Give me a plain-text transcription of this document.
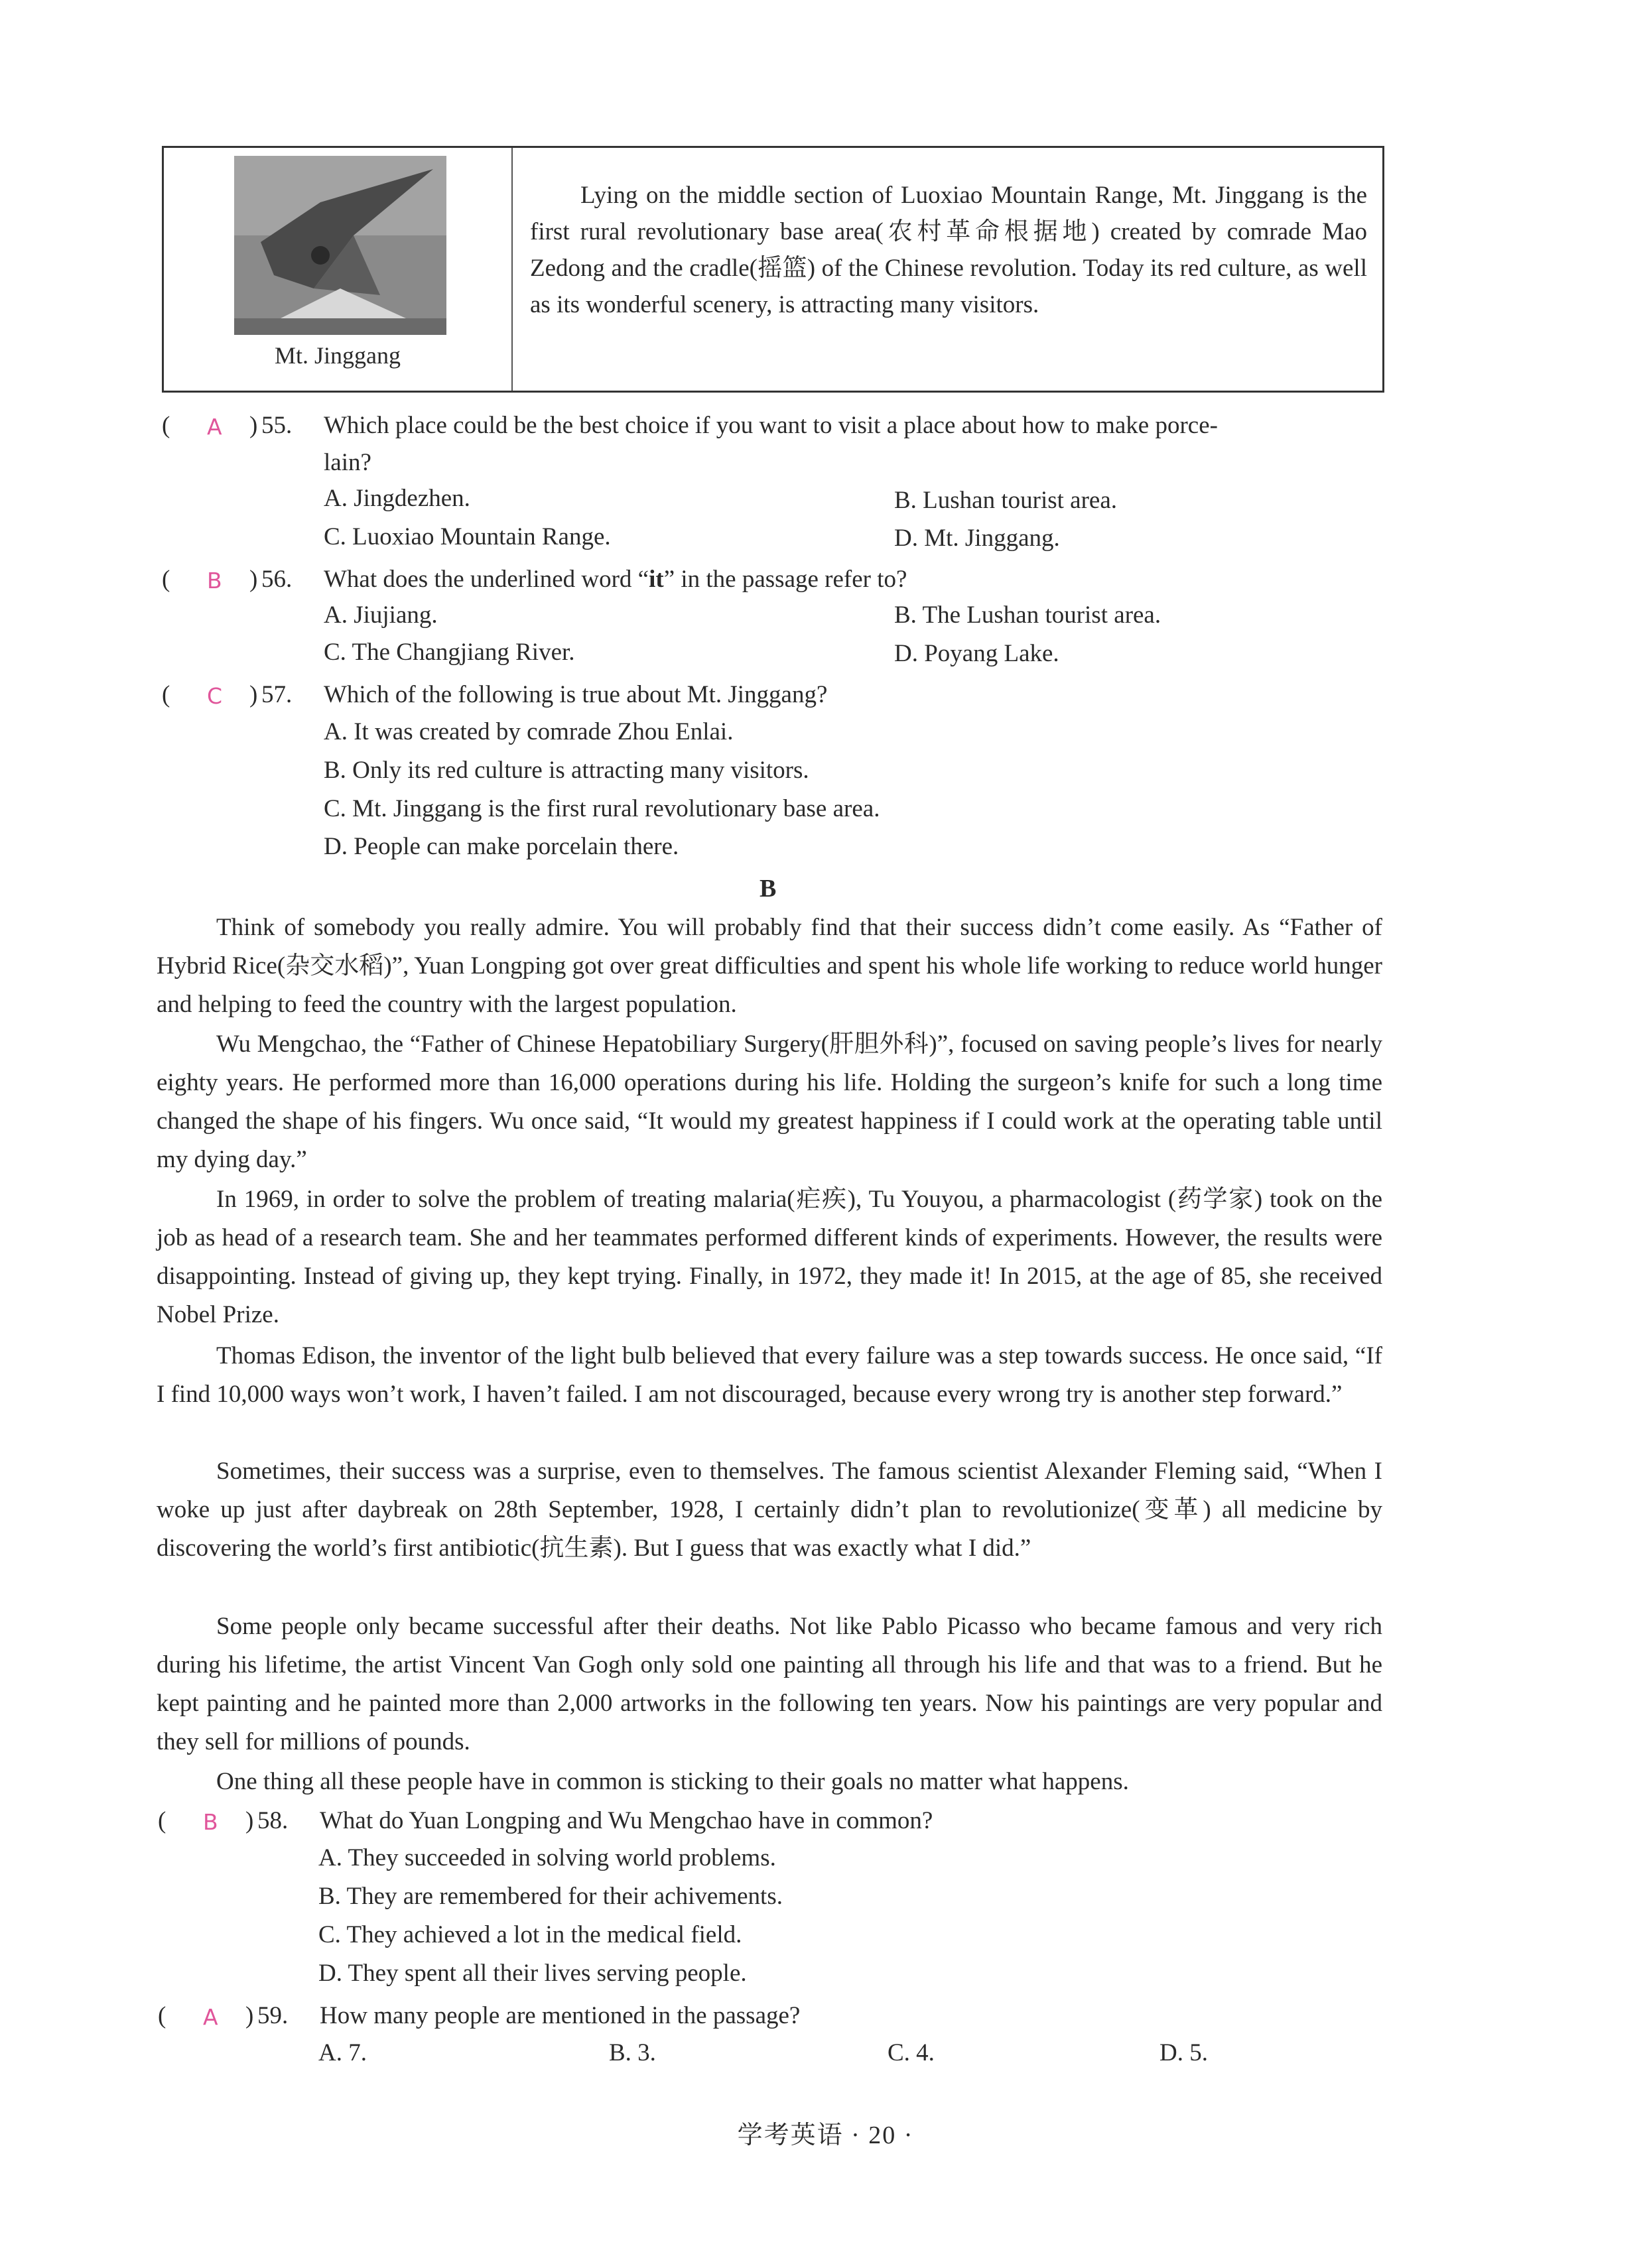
Mt. Jinggang

Lying on the middle section of Luoxiao Mountain Range, Mt. Jinggang is the first rural revolutionary base area(农村革命根据地) created by comrade Mao Zedong and the cradle(摇篮) of the Chinese revolution. Today its red culture, as well as its wonderful scenery, is attracting many visitors.

( A ) 55. Which place could be the best choice if you want to visit a place about how to make porce-
lain?
A. Jingdezhen.	B. Lushan tourist area.
C. Luoxiao Mountain Range.	D. Mt. Jinggang.
( B ) 56. What does the underlined word “it” in the passage refer to?
A. Jiujiang.	B. The Lushan tourist area.
C. The Changjiang River.	D. Poyang Lake.
( C ) 57. Which of the following is true about Mt. Jinggang?
A. It was created by comrade Zhou Enlai.
B. Only its red culture is attracting many visitors.
C. Mt. Jinggang is the first rural revolutionary base area.
D. People can make porcelain there.
B

Think of somebody you really admire. You will probably find that their success didn’t come easily. As “Father of Hybrid Rice(杂交水稻)”, Yuan Longping got over great difficulties and spent his whole life working to reduce world hunger and helping to feed the country with the largest population.

Wu Mengchao, the “Father of Chinese Hepatobiliary Surgery(肝胆外科)”, focused on saving people’s lives for nearly eighty years. He performed more than 16,000 operations during his life. Holding the surgeon’s knife for such a long time changed the shape of his fingers. Wu once said, “It would my greatest happiness if I could work at the operating table until my dying day.”

In 1969, in order to solve the problem of treating malaria(疟疾), Tu Youyou, a pharmacologist (药学家) took on the job as head of a research team. She and her teammates performed different kinds of experiments. However, the results were disappointing. Instead of giving up, they kept trying. Finally, in 1972, they made it! In 2015, at the age of 85, she received Nobel Prize.

Thomas Edison, the inventor of the light bulb believed that every failure was a step towards success. He once said, “If I find 10,000 ways won’t work, I haven’t failed. I am not discouraged, because every wrong try is another step forward.”

Sometimes, their success was a surprise, even to themselves. The famous scientist Alexander Fleming said, “When I woke up just after daybreak on 28th September, 1928, I certainly didn’t plan to revolutionize(变革) all medicine by discovering the world’s first antibiotic(抗生素). But I guess that was exactly what I did.”

Some people only became successful after their deaths. Not like Pablo Picasso who became famous and very rich during his lifetime, the artist Vincent Van Gogh only sold one painting all through his life and that was to a friend. But he kept painting and he painted more than 2,000 artworks in the following ten years. Now his paintings are very popular and they sell for millions of pounds.

One thing all these people have in common is sticking to their goals no matter what happens.

( B ) 58. What do Yuan Longping and Wu Mengchao have in common?
A. They succeeded in solving world problems.
B. They are remembered for their achivements.
C. They achieved a lot in the medical field.
D. They spent all their lives serving people.
( A ) 59. How many people are mentioned in the passage?
A. 7.	B. 3.	C. 4.	D. 5.
学考英语 · 20 ·
